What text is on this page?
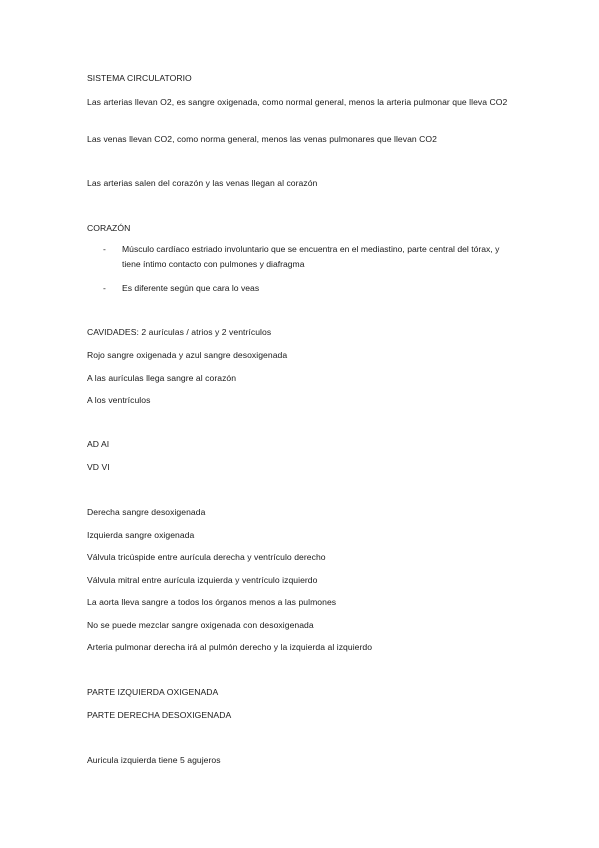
SISTEMA CIRCULATORIO
Las arterias llevan O2, es sangre oxigenada, como normal general, menos la arteria pulmonar que lleva CO2
Las venas llevan CO2, como norma general, menos las venas pulmonares que llevan CO2
Las arterias salen del corazón y las venas llegan al corazón
CORAZÓN
- Músculo cardíaco estriado involuntario que se encuentra en el mediastino, parte central del tórax, y tiene íntimo contacto con pulmones y diafragma
- Es diferente según que cara lo veas
CAVIDADES: 2 aurículas / atrios y 2 ventrículos
Rojo sangre oxigenada y azul sangre desoxigenada
A las aurículas llega sangre al corazón
A los ventrículos
AD AI
VD VI
Derecha sangre desoxigenada
Izquierda sangre oxigenada
Válvula tricúspide entre aurícula derecha y ventrículo derecho
Válvula mitral entre aurícula izquierda y ventrículo izquierdo
La aorta lleva sangre a todos los órganos menos a las pulmones
No se puede mezclar sangre oxigenada con desoxigenada
Arteria pulmonar derecha irá al pulmón derecho y la izquierda al izquierdo
PARTE IZQUIERDA OXIGENADA
PARTE DERECHA DESOXIGENADA
Auricula izquierda tiene 5 agujeros
